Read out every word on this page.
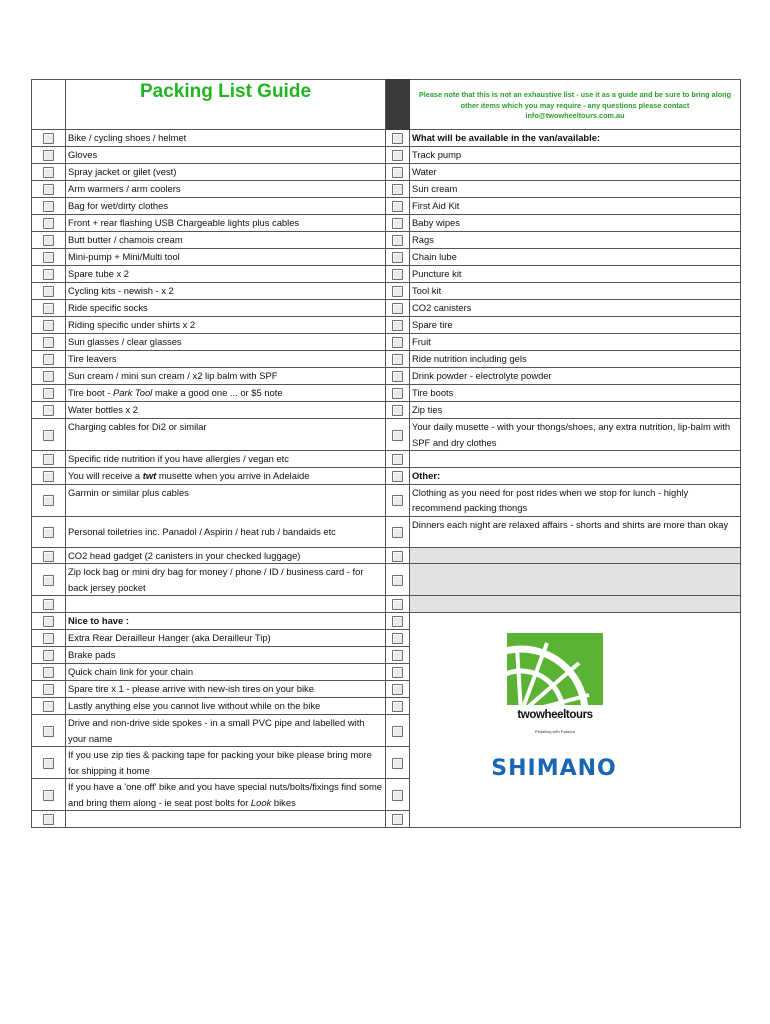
	Packing List Guide		Please note that this is not an exhaustive list - use it as a guide and be sure to bring along other items which you may require - any questions please contact info@twowheeltours.com.au

	Bike / cycling shoes / helmet		What will be available in the van/available:
	Gloves		Track pump
	Spray jacket or gilet (vest)		Water
	Arm warmers / arm coolers		Sun cream
	Bag for wet/dirty clothes		First Aid Kit
	Front + rear flashing USB Chargeable lights plus cables		Baby wipes
	Butt butter / chamois cream		Rags
	Mini-pump + Mini/Multi tool		Chain lube
	Spare tube x 2		Puncture kit
	Cycling kits - newish - x 2		Tool kit
	Ride specific socks		CO2 canisters
	Riding specific under shirts x 2		Spare tire
	Sun glasses / clear glasses		Fruit
	Tire leavers		Ride nutrition including gels
	Sun cream / mini sun cream / x2 lip balm with SPF		Drink powder - electrolyte powder
	Tire boot - Park Tool make a good one ... or $5 note		Tire boots
	Water bottles x 2		Zip ties
	Charging cables for Di2 or similar		Your daily musette - with your thongs/shoes, any extra nutrition, lip-balm with SPF and dry clothes
	Specific ride nutrition if you have allergies / vegan etc		
	You will receive a twt musette when you arrive in Adelaide		Other:
	Garmin or similar plus cables		Clothing as you need for post rides when we stop for lunch - highly recommend packing thongs
	Personal toiletries inc. Panadol / Aspirin / heat rub / bandaids etc		Dinners each night are relaxed affairs - shorts and shirts are more than okay
	CO2 head gadget (2 canisters in your checked luggage)		
	Zip lock bag or mini dry bag for money / phone / ID / business card - for back jersey pocket		

	Nice to have :		twowheeltours
Pedalling with Passion
SHIMANO

	Extra Rear Derailleur Hanger (aka Derailleur Tip)		
	Brake pads		
	Quick chain link for your chain		
	Spare tire x 1 - please arrive with new-ish tires on your bike		
	Lastly anything else you cannot live without while on the bike		
	Drive and non-drive side spokes - in a small PVC pipe and labelled with your name		
	If you use zip ties & packing tape for packing your bike please bring more for shipping it home		
	If you have a 'one off' bike and you have special nuts/bolts/fixings find some and bring them along - ie seat post bolts for Look bikes		
